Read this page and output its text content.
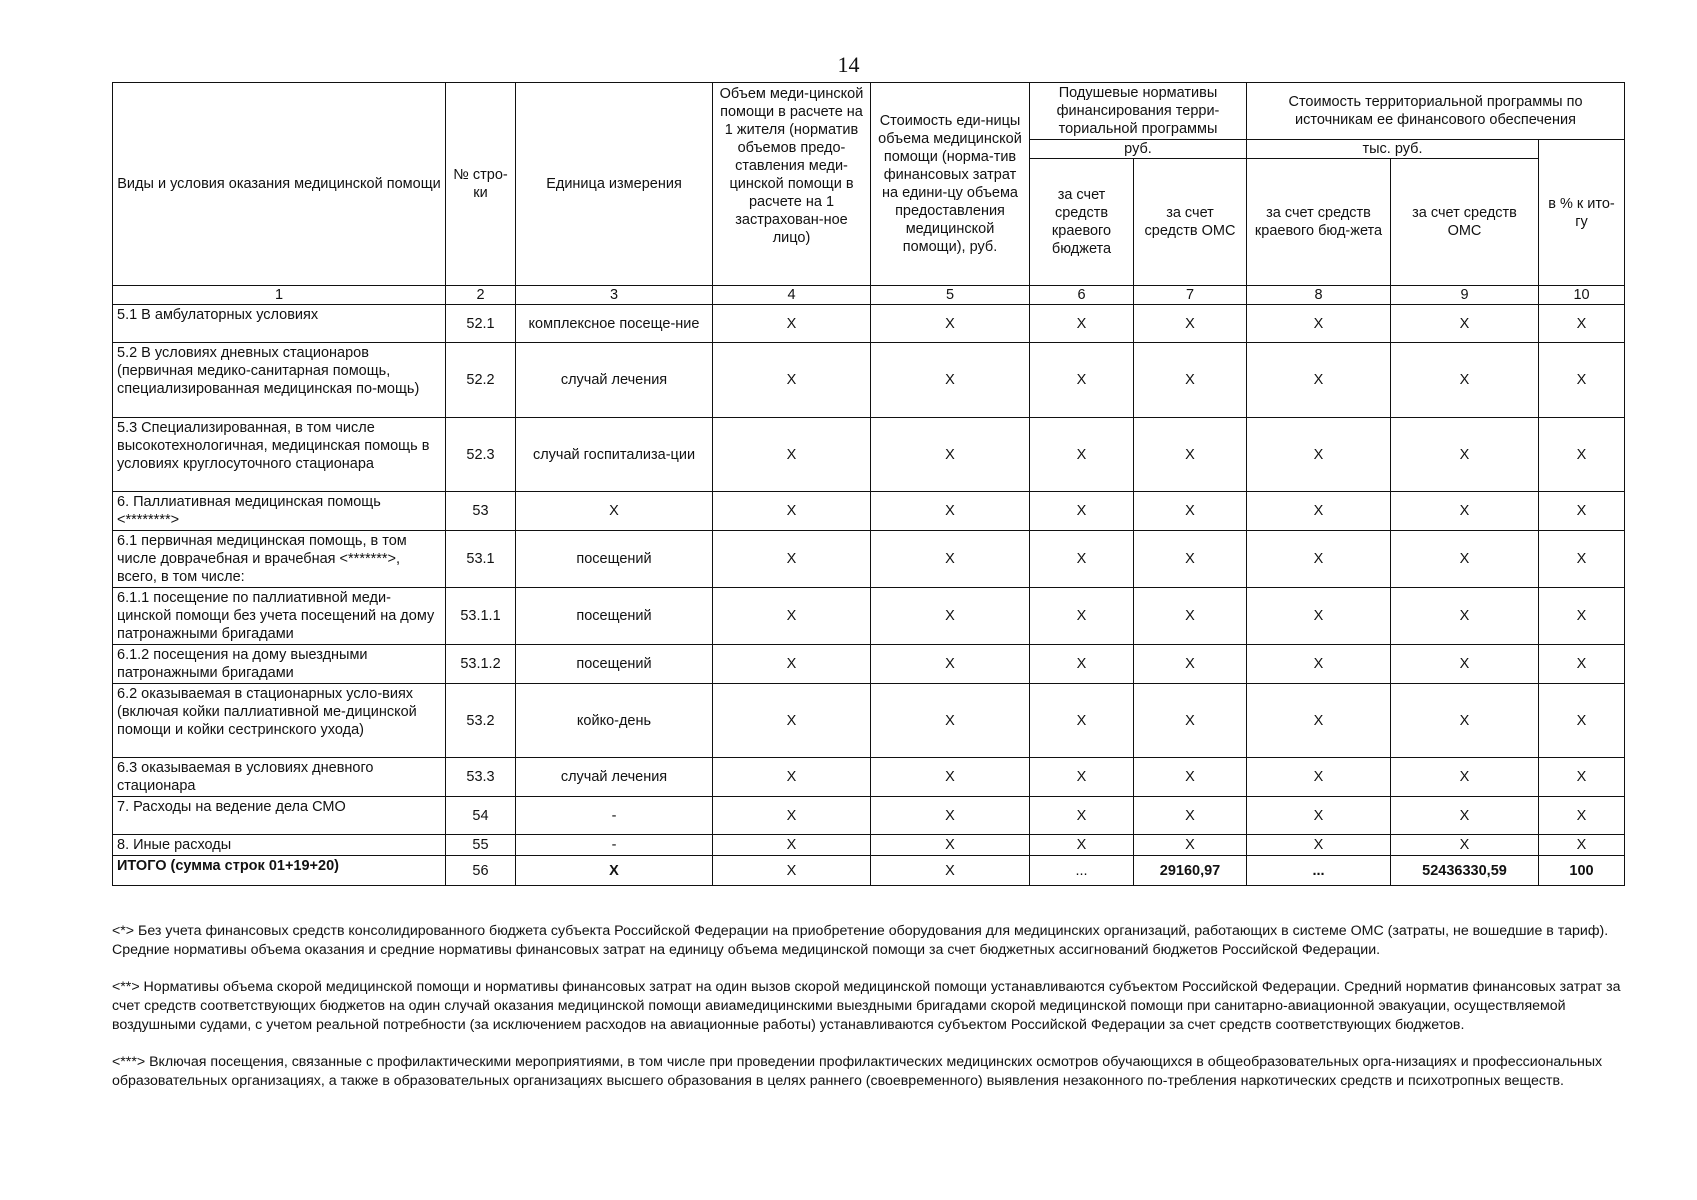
14
Виды и условия оказания медицинской помощи	№ стро-ки	Единица измерения	Объем меди-цинской помощи в расчете на 1 жителя (норматив объемов предо-ставления меди-цинской помощи в расчете на 1 застрахован-ное лицо)	Стоимость еди-ницы объема медицинской помощи (норма-тив финансовых затрат на едини-цу объема предоставления медицинской помощи), руб.	Подушевые нормативы финансирования терри-ториальной программы		Стоимость территориальной программы по источникам ее финансового обеспечения		
					руб.		тыс. руб.		в % к ито-гу
					за счет средств краевого бюджета	за счет средств ОМС	за счет средств краевого бюд-жета	за счет средств ОМС	
1	2	3	4	5	6	7	8	9	10
5.1 В амбулаторных условиях	52.1	комплексное посеще-ние	X	X	X	X	X	X	X
5.2 В условиях дневных стационаров (первичная медико-санитарная помощь, специализированная медицинская по-мощь)	52.2	случай лечения	X	X	X	X	X	X	X
5.3 Специализированная, в том числе высокотехнологичная, медицинская помощь в условиях круглосуточного стационара	52.3	случай госпитализа-ции	X	X	X	X	X	X	X
6. Паллиативная медицинская помощь <********>	53	X	X	X	X	X	X	X	X
6.1 первичная медицинская помощь, в том числе доврачебная и врачебная <*******>, всего, в том числе:	53.1	посещений	X	X	X	X	X	X	X
6.1.1 посещение по паллиативной меди-цинской помощи без учета посещений на дому патронажными бригадами	53.1.1	посещений	X	X	X	X	X	X	X
6.1.2 посещения на дому выездными патронажными бригадами	53.1.2	посещений	X	X	X	X	X	X	X
6.2 оказываемая в стационарных усло-виях (включая койки паллиативной ме-дицинской помощи и койки сестринского ухода)	53.2	койко-день	X	X	X	X	X	X	X
6.3 оказываемая в условиях дневного стационара	53.3	случай лечения	X	X	X	X	X	X	X
7. Расходы на ведение дела СМО	54	-	X	X	X	X	X	X	X
8. Иные расходы	55	-	X	X	X	X	X	X	X
ИТОГО (сумма строк 01+19+20)	56	X	X	X	...	29160,97	...	52436330,59	100

<*> Без учета финансовых средств консолидированного бюджета субъекта Российской Федерации на приобретение оборудования для медицинских организаций, работающих в системе ОМС (затраты, не вошедшие в тариф). Средние нормативы объема оказания и средние нормативы финансовых затрат на единицу объема медицинской помощи за счет бюджетных ассигнований бюджетов Российской Федерации.

<**> Нормативы объема скорой медицинской помощи и нормативы финансовых затрат на один вызов скорой медицинской помощи устанавливаются субъектом Российской Федерации. Средний норматив финансовых затрат за счет средств соответствующих бюджетов на один случай оказания медицинской помощи авиамедицинскими выездными бригадами скорой медицинской помощи при санитарно-авиационной эвакуации, осуществляемой воздушными судами, с учетом реальной потребности (за исключением расходов на авиационные работы) устанавливаются субъектом Российской Федерации за счет средств соответствующих бюджетов.

<***> Включая посещения, связанные с профилактическими мероприятиями, в том числе при проведении профилактических медицинских осмотров обучающихся в общеобразовательных орга-низациях и профессиональных образовательных организациях, а также в образовательных организациях высшего образования в целях раннего (своевременного) выявления незаконного по-требления наркотических средств и психотропных веществ.
